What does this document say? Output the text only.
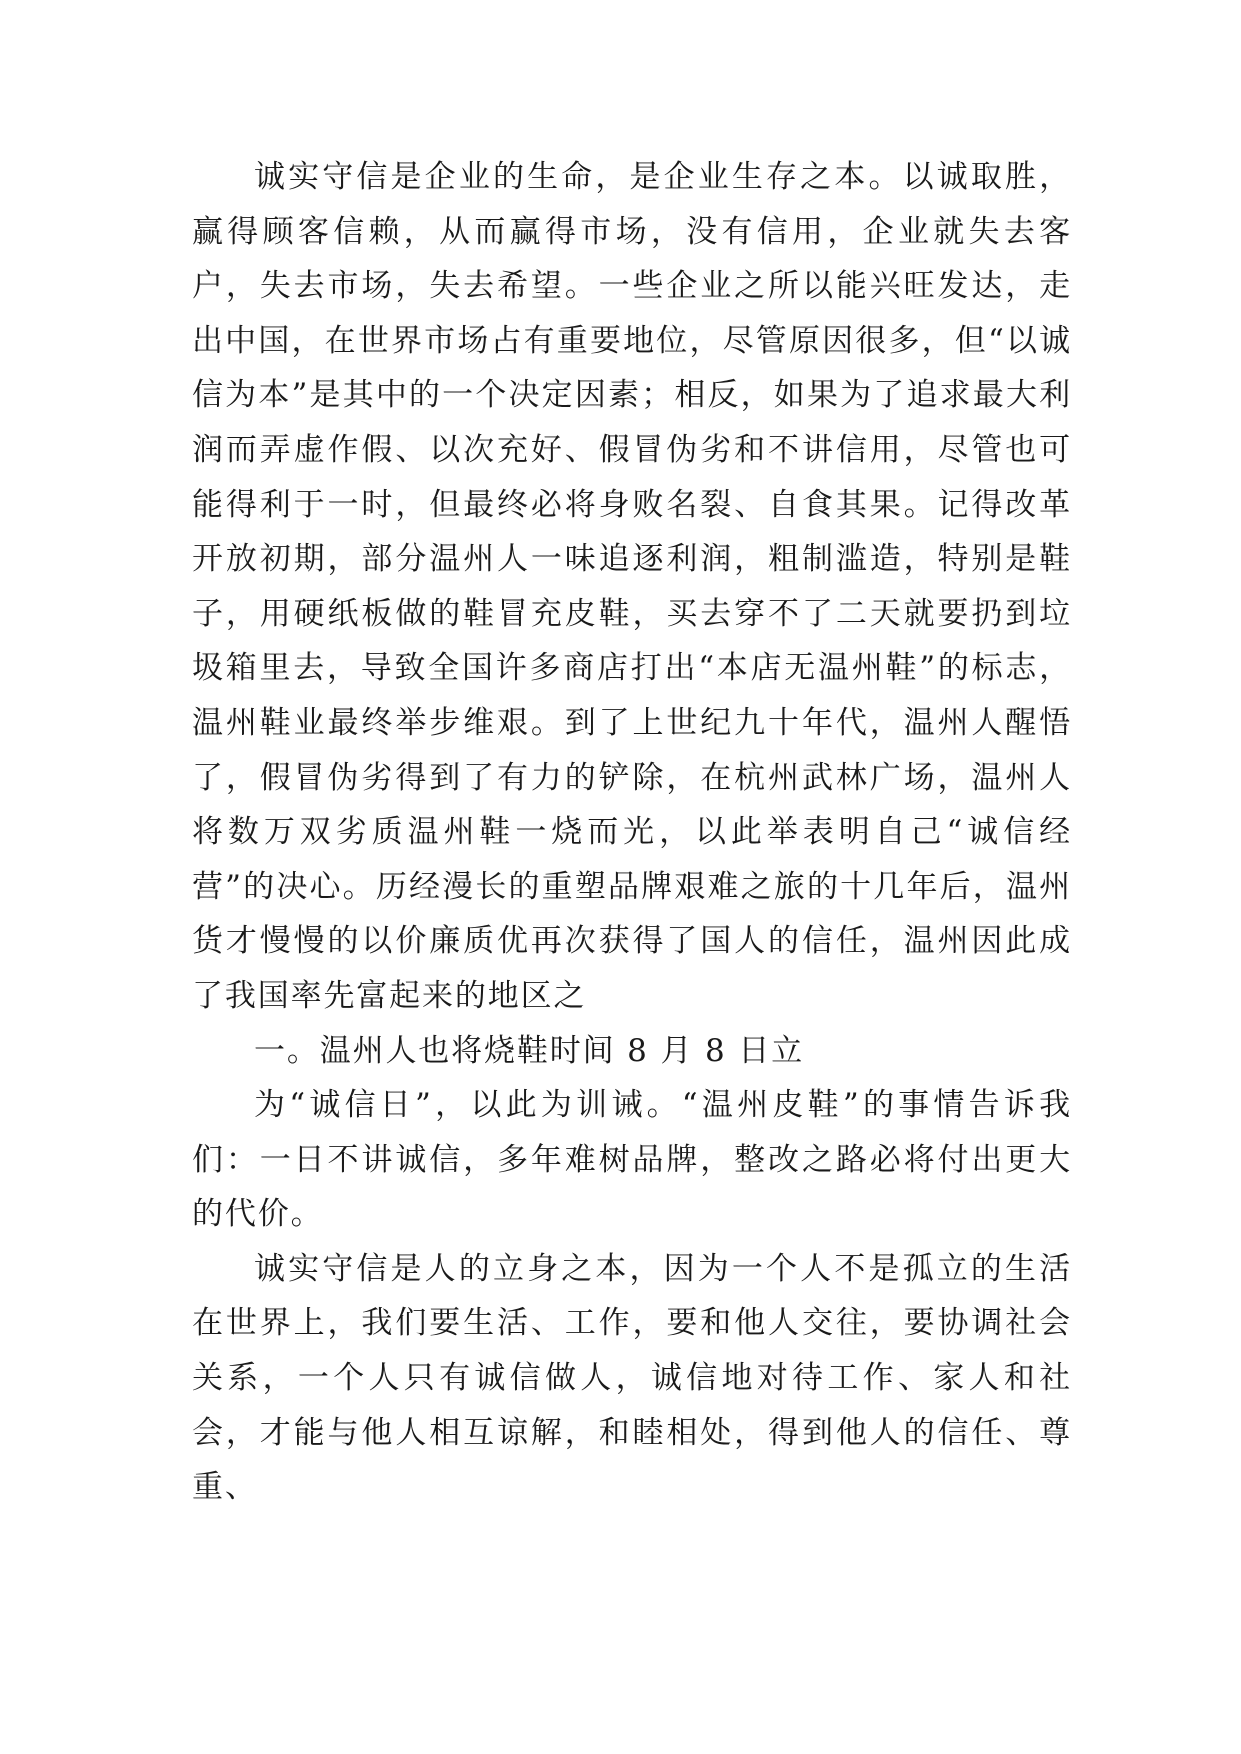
诚实守信是企业的生命，是企业生存之本。以诚取胜，赢得顾客信赖，从而赢得市场，没有信用，企业就失去客户，失去市场，失去希望。一些企业之所以能兴旺发达，走出中国，在世界市场占有重要地位，尽管原因很多，但“以诚信为本”是其中的一个决定因素；相反，如果为了追求最大利润而弄虚作假、以次充好、假冒伪劣和不讲信用，尽管也可能得利于一时，但最终必将身败名裂、自食其果。记得改革开放初期，部分温州人一味追逐利润，粗制滥造，特别是鞋子，用硬纸板做的鞋冒充皮鞋，买去穿不了二天就要扔到垃圾箱里去，导致全国许多商店打出“本店无温州鞋”的标志，温州鞋业最终举步维艰。到了上世纪九十年代，温州人醒悟了，假冒伪劣得到了有力的铲除，在杭州武林广场，温州人将数万双劣质温州鞋一烧而光，以此举表明自己“诚信经营”的决心。历经漫长的重塑品牌艰难之旅的十几年后，温州货才慢慢的以价廉质优再次获得了国人的信任，温州因此成了我国率先富起来的地区之

一。温州人也将烧鞋时间 8 月 8 日立

为“诚信日”，以此为训诫。“温州皮鞋”的事情告诉我们：一日不讲诚信，多年难树品牌，整改之路必将付出更大的代价。

诚实守信是人的立身之本，因为一个人不是孤立的生活在世界上，我们要生活、工作，要和他人交往，要协调社会关系，一个人只有诚信做人，诚信地对待工作、家人和社会，才能与他人相互谅解，和睦相处，得到他人的信任、尊重、
